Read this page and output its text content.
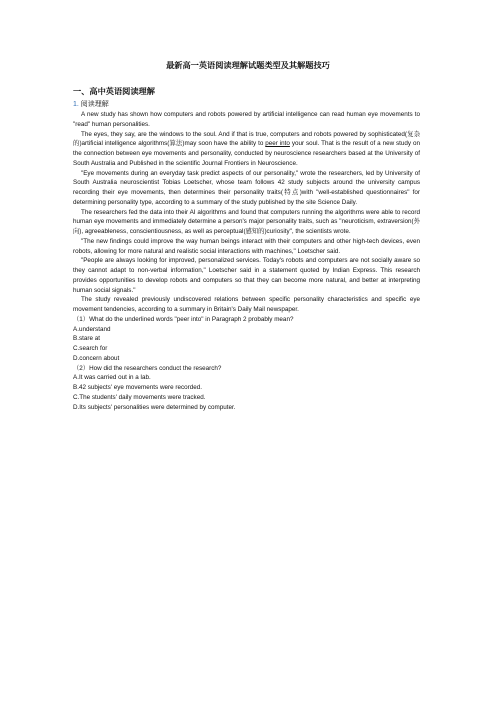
最新高一英语阅读理解试题类型及其解题技巧
一、高中英语阅读理解
1. 阅读理解

A new study has shown how computers and robots powered by artificial intelligence can read human eye movements to "read" human personalities.

The eyes, they say, are the windows to the soul. And if that is true, computers and robots powered by sophisticated(复杂的)artificial intelligence algorithms(算法)may soon have the ability to peer into your soul. That is the result of a new study on the connection between eye movements and personality, conducted by neuroscience researchers based at the University of South Australia and Published in the scientific Journal Frontiers in Neuroscience.

"Eye movements during an everyday task predict aspects of our personality," wrote the researchers, led by University of South Australia neuroscientist Tobias Loetscher, whose team follows 42 study subjects around the university campus recording their eye movements, then determines their personality traits(特点)with "well-established questionnaires" for determining personality type, according to a summary of the study published by the site Science Daily.

The researchers fed the data into their AI algorithms and found that computers running the algorithms were able to record human eye movements and immediately determine a person's major personality traits, such as "neuroticism, extraversion(外向), agreeableness, conscientiousness, as well as perceptual(感知的)curiosity", the scientists wrote.

"The new findings could improve the way human beings interact with their computers and other high-tech devices, even robots, allowing for more natural and realistic social interactions with machines," Loetscher said.

"People are always looking for improved, personalized services. Today's robots and computers are not socially aware so they cannot adapt to non-verbal information," Loetscher said in a statement quoted by Indian Express. This research provides opportunities to develop robots and computers so that they can become more natural, and better at interpreting human social signals."

The study revealed previously undiscovered relations between specific personality characteristics and specific eye movement tendencies, according to a summary in Britain's Daily Mail newspaper.

（1）What do the underlined words "peer into" in Paragraph 2 probably mean?

A.understand

B.stare at

C.search for

D.concern about

（2）How did the researchers conduct the research?

A.It was carried out in a lab.

B.42 subjects' eye movements were recorded.

C.The students' daily movements were tracked.

D.Its subjects' personalities were determined by computer.
